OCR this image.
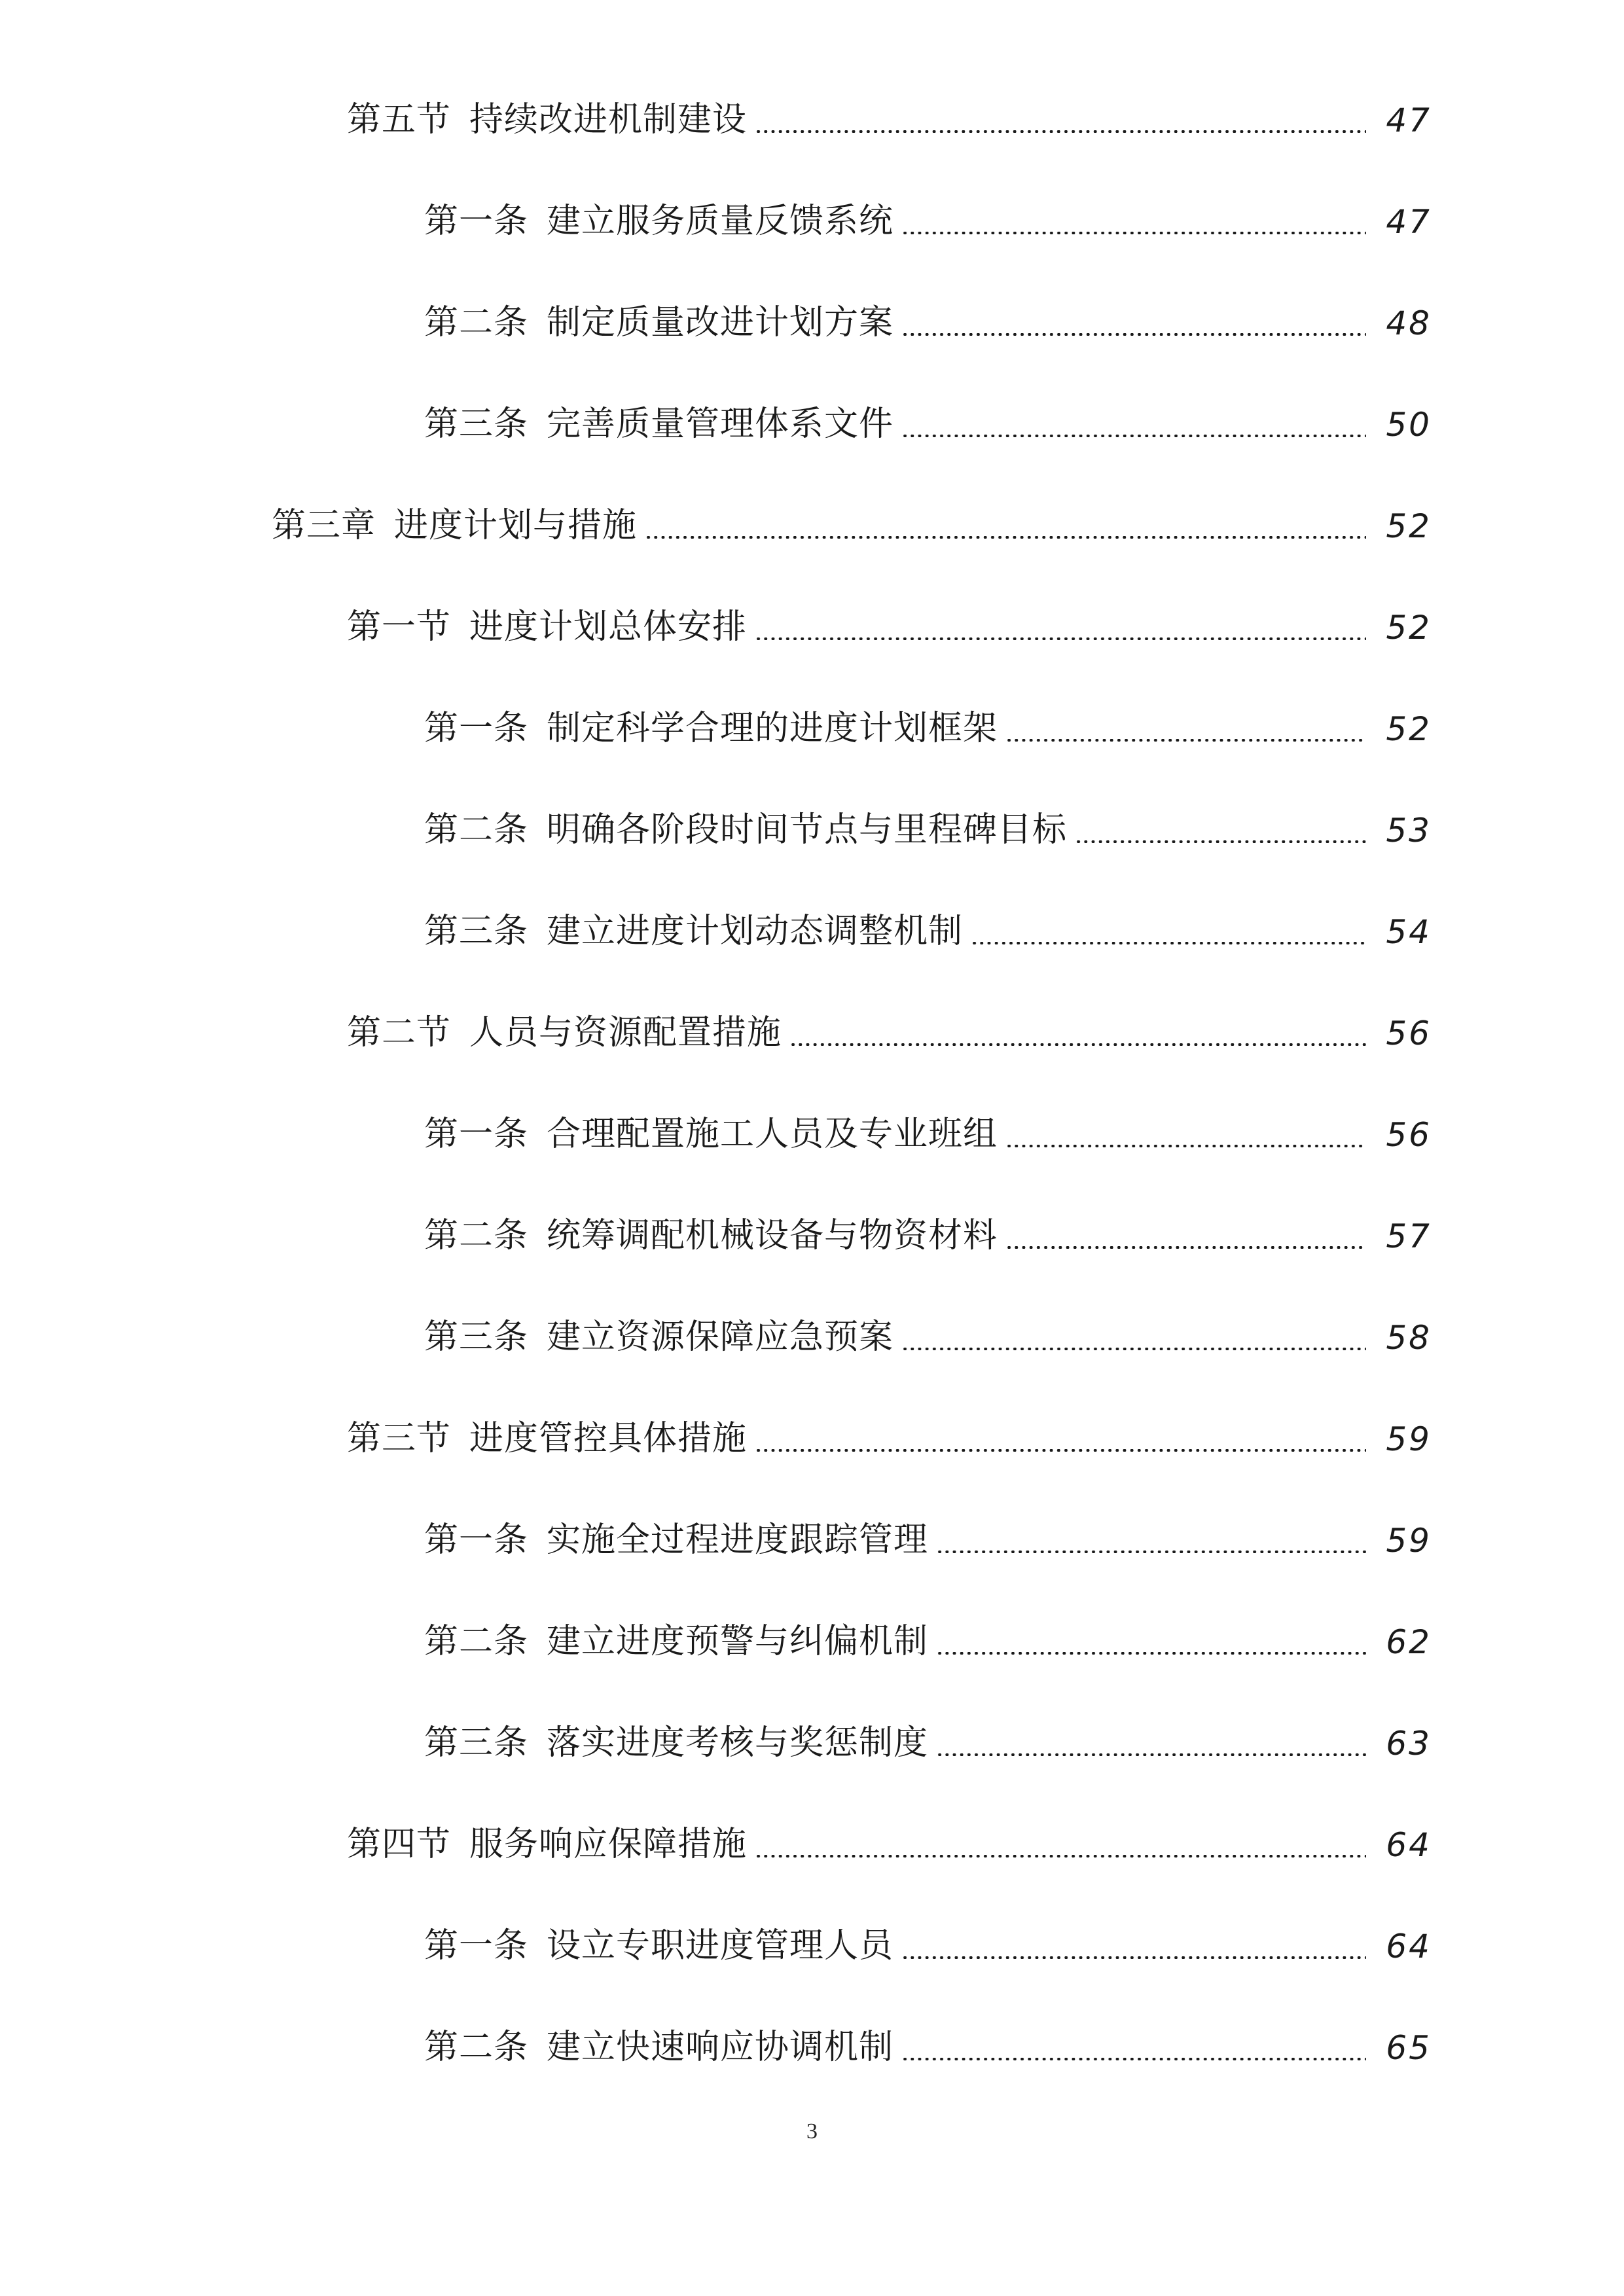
第五节 持续改进机制建设	47
第一条 建立服务质量反馈系统	47
第二条 制定质量改进计划方案	48
第三条 完善质量管理体系文件	50
第三章 进度计划与措施	52
第一节 进度计划总体安排	52
第一条 制定科学合理的进度计划框架	52
第二条 明确各阶段时间节点与里程碑目标	53
第三条 建立进度计划动态调整机制	54
第二节 人员与资源配置措施	56
第一条 合理配置施工人员及专业班组	56
第二条 统筹调配机械设备与物资材料	57
第三条 建立资源保障应急预案	58
第三节 进度管控具体措施	59
第一条 实施全过程进度跟踪管理	59
第二条 建立进度预警与纠偏机制	62
第三条 落实进度考核与奖惩制度	63
第四节 服务响应保障措施	64
第一条 设立专职进度管理人员	64
第二条 建立快速响应协调机制	65
3
